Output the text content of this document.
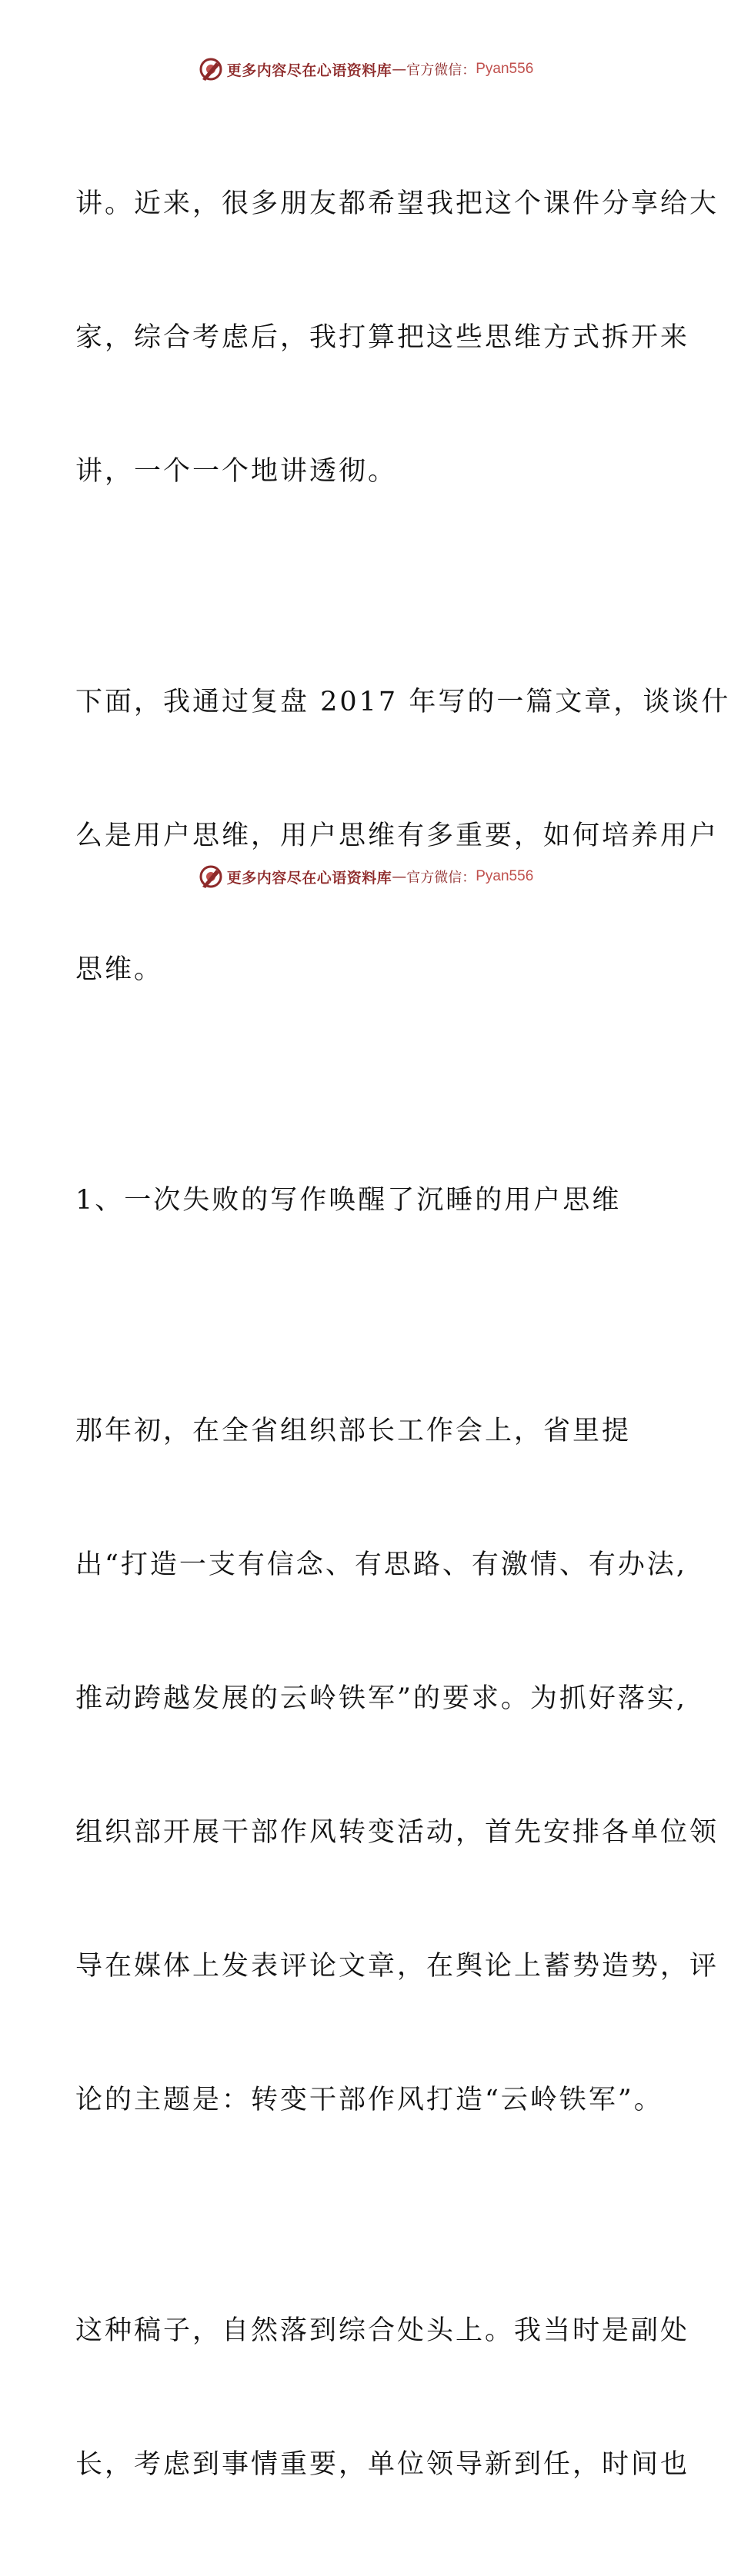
更多内容尽在心语资料库 — 官方微信： Pyan556

讲。近来，很多朋友都希望我把这个课件分享给大

家，综合考虑后，我打算把这些思维方式拆开来

讲，一个一个地讲透彻。

下面，我通过复盘 2017 年写的一篇文章，谈谈什

么是用户思维，用户思维有多重要，如何培养用户

思维。

1、一次失败的写作唤醒了沉睡的用户思维

那年初，在全省组织部长工作会上，省里提

出“打造一支有信念、有思路、有激情、有办法,

推动跨越发展的云岭铁军”的要求。为抓好落实,

组织部开展干部作风转变活动，首先安排各单位领

导在媒体上发表评论文章，在舆论上蓄势造势，评

论的主题是：转变干部作风打造“云岭铁军”。

这种稿子，自然落到综合处头上。我当时是副处

长，考虑到事情重要，单位领导新到任，时间也

更多内容尽在心语资料库 — 官方微信： Pyan556
